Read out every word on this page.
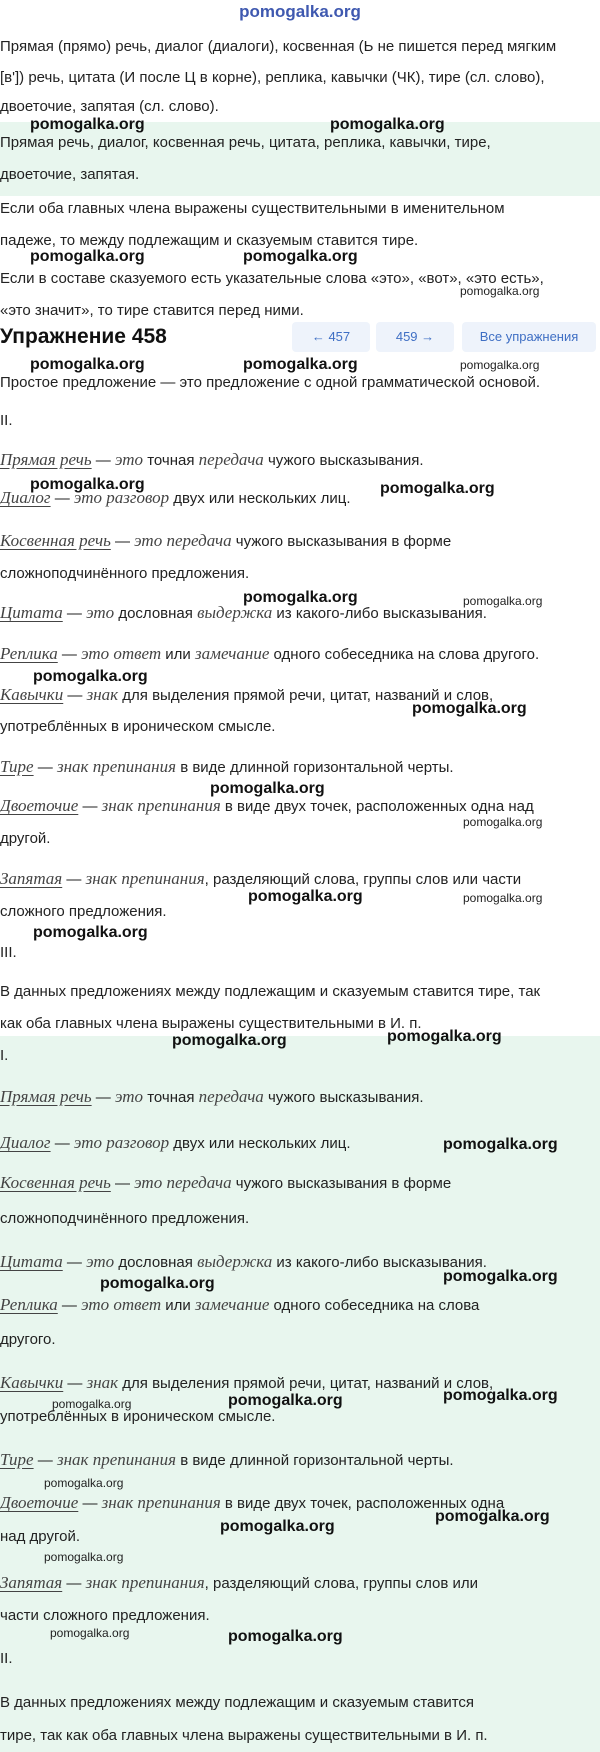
pomogalka.org
Прямая (прямо) речь, диалог (диалоги), косвенная (Ь не пишется перед мягким
[в']) речь, цитата (И после Ц в корне), реплика, кавычки (ЧК), тире (сл. слово),
двоеточие, запятая (сл. слово).
Прямая речь, диалог, косвенная речь, цитата, реплика, кавычки, тире,
двоеточие, запятая.
Если оба главных члена выражены существительными в именительном
падеже, то между подлежащим и сказуемым ставится тире.
Если в составе сказуемого есть указательные слова «это», «вот», «это есть»,
«это значит», то тире ставится перед ними.
Упражнение 458	← 457	459 →	Все упражнения
Простое предложение — это предложение с одной грамматической основой.
II.
Прямая речь — это точная передача чужого высказывания.
Диалог — это разговор двух или нескольких лиц.
Косвенная речь — это передача чужого высказывания в форме
сложноподчинённого предложения.
Цитата — это дословная выдержка из какого-либо высказывания.
Реплика — это ответ или замечание одного собеседника на слова другого.
Кавычки — знак для выделения прямой речи, цитат, названий и слов,
употреблённых в ироническом смысле.
Тире — знак препинания в виде длинной горизонтальной черты.
Двоеточие — знак препинания в виде двух точек, расположенных одна над
другой.
Запятая — знак препинания, разделяющий слова, группы слов или части
сложного предложения.
III.
В данных предложениях между подлежащим и сказуемым ставится тире, так
как оба главных члена выражены существительными в И. п.
I.
Прямая речь — это точная передача чужого высказывания.
Диалог — это разговор двух или нескольких лиц.
Косвенная речь — это передача чужого высказывания в форме
сложноподчинённого предложения.
Цитата — это дословная выдержка из какого-либо высказывания.
Реплика — это ответ или замечание одного собеседника на слова
другого.
Кавычки — знак для выделения прямой речи, цитат, названий и слов,
употреблённых в ироническом смысле.
Тире — знак препинания в виде длинной горизонтальной черты.
Двоеточие — знак препинания в виде двух точек, расположенных одна
над другой.
Запятая — знак препинания, разделяющий слова, группы слов или
части сложного предложения.
II.
В данных предложениях между подлежащим и сказуемым ставится
тире, так как оба главных члена выражены существительными в И. п.
pomogalka.org	pomogalka.org
pomogalka.org	pomogalka.org
pomogalka.org
pomogalka.org	pomogalka.org	pomogalka.org
pomogalka.org	pomogalka.org
pomogalka.org	pomogalka.org
pomogalka.org
pomogalka.org
pomogalka.org
pomogalka.org
pomogalka.org	pomogalka.org
pomogalka.org
pomogalka.org	pomogalka.org
pomogalka.org
pomogalka.org
pomogalka.org
pomogalka.org
pomogalka.org	pomogalka.org
pomogalka.org
pomogalka.org
pomogalka.org
pomogalka.org
pomogalka.org	pomogalka.org
